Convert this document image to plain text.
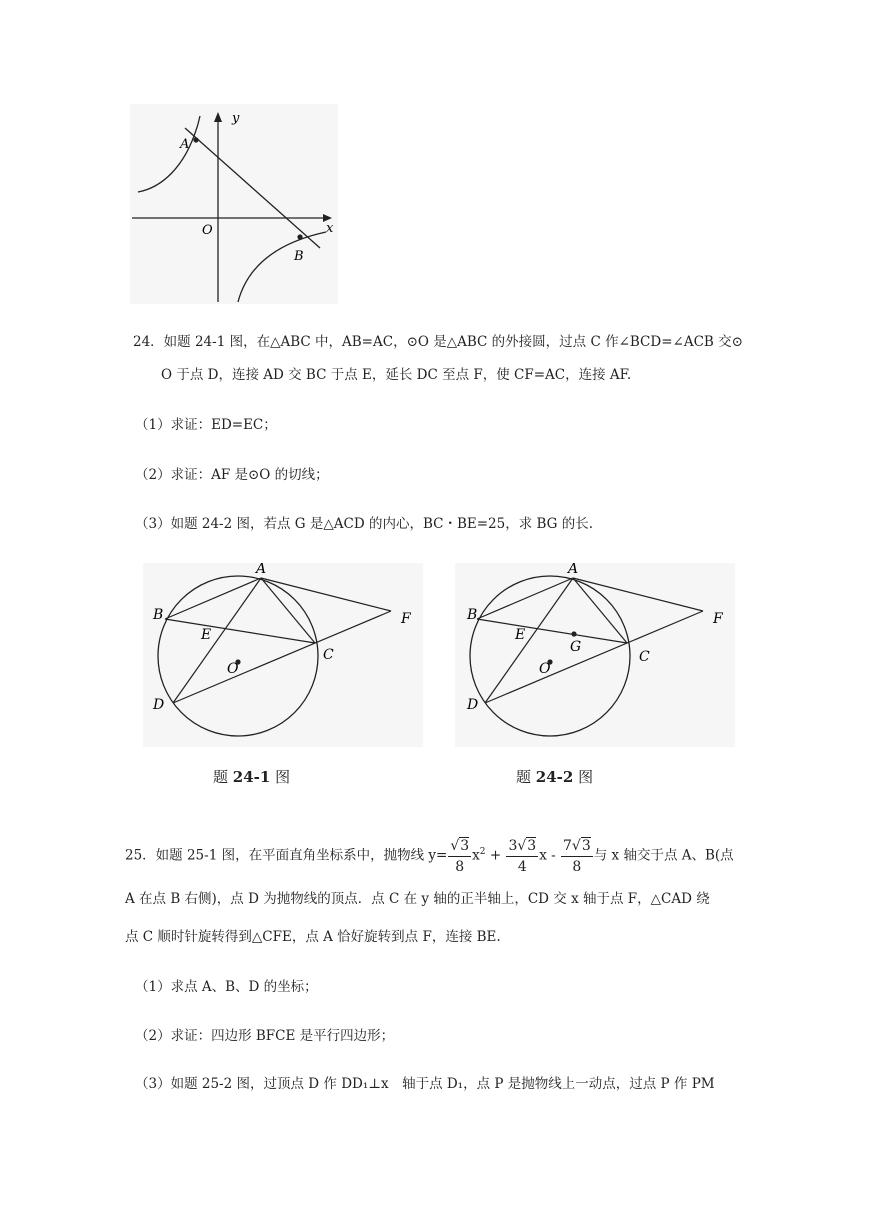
y
x
A
B
O
24．如题 24-1 图，在△ABC 中，AB=AC，⊙O 是△ABC 的外接圆，过点 C 作∠BCD=∠ACB 交⊙
O 于点 D，连接 AD 交 BC 于点 E，延长 DC 至点 F，使 CF=AC，连接 AF.
（1）求证：ED=EC；
（2）求证：AF 是⊙O 的切线；
（3）如题 24-2 图，若点 G 是△ACD 的内心，BC・BE=25，求 BG 的长.
A
B
C
D
E
F
O
题 24-1 图
A
B
C
D
E
F
O
G
题 24-2 图
25．如题 25-1 图，在平面直角坐标系中，抛物线 $y= \frac{√3}{8} x^2 + \frac{3√3}{4}$ x - $\frac{7√3}{8}$ 与 x 轴交于点 A、B(点
A 在点 B 右侧)，点 D 为抛物线的顶点．点 C 在 y 轴的正半轴上，CD 交 x 轴于点 F，△CAD 绕
点 C 顺时针旋转得到△CFE，点 A 恰好旋转到点 F，连接 BE.
（1）求点 A、B、D 的坐标；
（2）求证：四边形 BFCE 是平行四边形；
（3）如题 25-2 图，过顶点 D 作 DD₁⊥x　轴于点 D₁，点 P 是抛物线上一动点，过点 P 作 PM
